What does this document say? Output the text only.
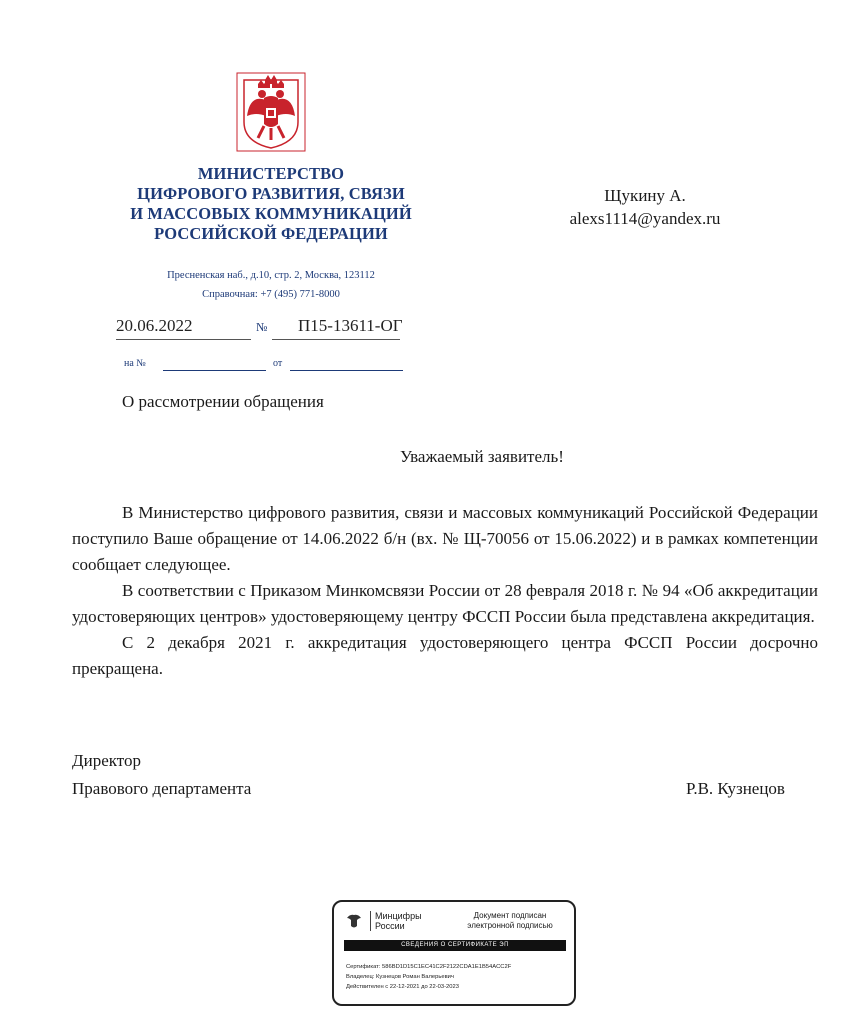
МИНИСТЕРСТВО
ЦИФРОВОГО РАЗВИТИЯ, СВЯЗИ
И МАССОВЫХ КОММУНИКАЦИЙ
РОССИЙСКОЙ ФЕДЕРАЦИИ
Пресненская наб., д.10, стр. 2, Москва, 123112
Справочная: +7 (495) 771-8000
20.06.2022	№ П15-13611-ОГ
на №	от
Щукину А.
alexs1114@yandex.ru
О рассмотрении обращения
Уважаемый заявитель!

В Министерство цифрового развития, связи и массовых коммуникаций Российской Федерации поступило Ваше обращение от 14.06.2022 б/н (вх. № Щ-70056 от 15.06.2022) и в рамках компетенции сообщает следующее.

В соответствии с Приказом Минкомсвязи России от 28 февраля 2018 г. № 94 «Об аккредитации удостоверяющих центров» удостоверяющему центру ФССП России была представлена аккредитация.

С 2 декабря 2021 г. аккредитация удостоверяющего центра ФССП России досрочно прекращена.

Директор
Правового департамента	Р.В. Кузнецов
Минцифры
России
Документ подписан
электронной подписью
СВЕДЕНИЯ О СЕРТИФИКАТЕ ЭП
Сертификат: 586BD1D15C1EC41C2F2122CDA1E1B54ACC2F
Владелец: Кузнецов Роман Валерьевич
Действителен с 22-12-2021 до 22-03-2023
